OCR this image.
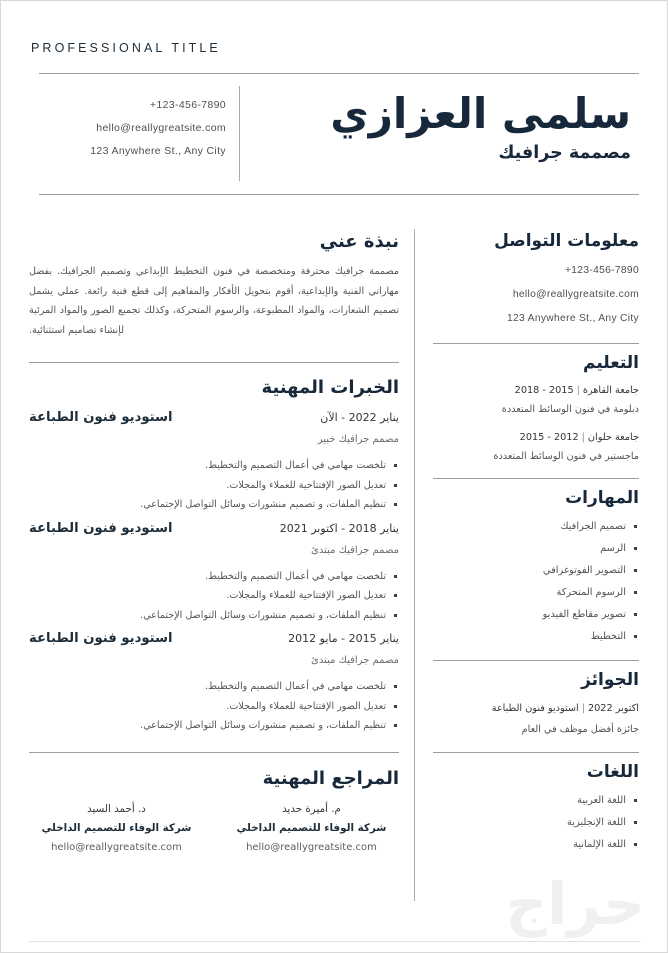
PROFESSIONAL TITLE
+123-456-7890
hello@reallygreatsite.com
123 Anywhere St., Any City
سلمى العزازي
مصممة جرافيك
نبذة عني
مصممة جرافيك محترفة ومتخصصة في فنون التخطيط الإبداعي وتصميم الجرافيك. بفضل مهاراتي الفنية والإبداعية، أقوم بتحويل الأفكار والمفاهيم إلى قطع فنية رائعة. عملي يشمل تصميم الشعارات، والمواد المطبوعة، والرسوم المتحركة، وكذلك تجميع الصور والمواد المرئية لإنشاء تصاميم استثنائية.
الخبرات المهنية
استوديو فنون الطباعة	يناير 2022 - الآن
مصمم جرافيك خبير
تلخصت مهامي في أعمال التصميم والتخطيط.
تعديل الصور الإفتتاحية للعملاء والمجلات.
تنظيم الملفات، و تصميم منشورات وسائل التواصل الإجتماعي.
استوديو فنون الطباعة	يناير 2018 - اكتوبر 2021
مصمم جرافيك مبتدئ
تلخصت مهامي في أعمال التصميم والتخطيط.
تعديل الصور الإفتتاحية للعملاء والمجلات.
تنظيم الملفات، و تصميم منشورات وسائل التواصل الإجتماعي.
استوديو فنون الطباعة	يناير 2015 - مايو 2012
مصمم جرافيك مبتدئ
تلخصت مهامي في أعمال التصميم والتخطيط.
تعديل الصور الإفتتاحية للعملاء والمجلات.
تنظيم الملفات، و تصميم منشورات وسائل التواصل الإجتماعي.
المراجع المهنية
د. أحمد السيد
شركة الوفاء للتصميم الداخلي
hello@reallygreatsite.com
م. أميرة حديد
شركة الوفاء للتصميم الداخلي
hello@reallygreatsite.com
معلومات التواصل
+123-456-7890
hello@reallygreatsite.com
123 Anywhere St., Any City
التعليم
جامعة القاهرة|2015 - 2018
دبلومة في فنون الوسائط المتعددة
جامعة حلوان|2012 - 2015
ماجستير في فنون الوسائط المتعددة
المهارات
تصميم الجرافيك
الرسم
التصوير الفوتوغرافي
الرسوم المتحركة
تصوير مقاطع الفيديو
التخطيط
الجوائز
اكتوبر 2022|استوديو فنون الطباعة
جائزة أفضل موظف في العام
اللغات
اللغة العربية
اللغة الإنجليزية
اللغة الإلمانية
حراج
